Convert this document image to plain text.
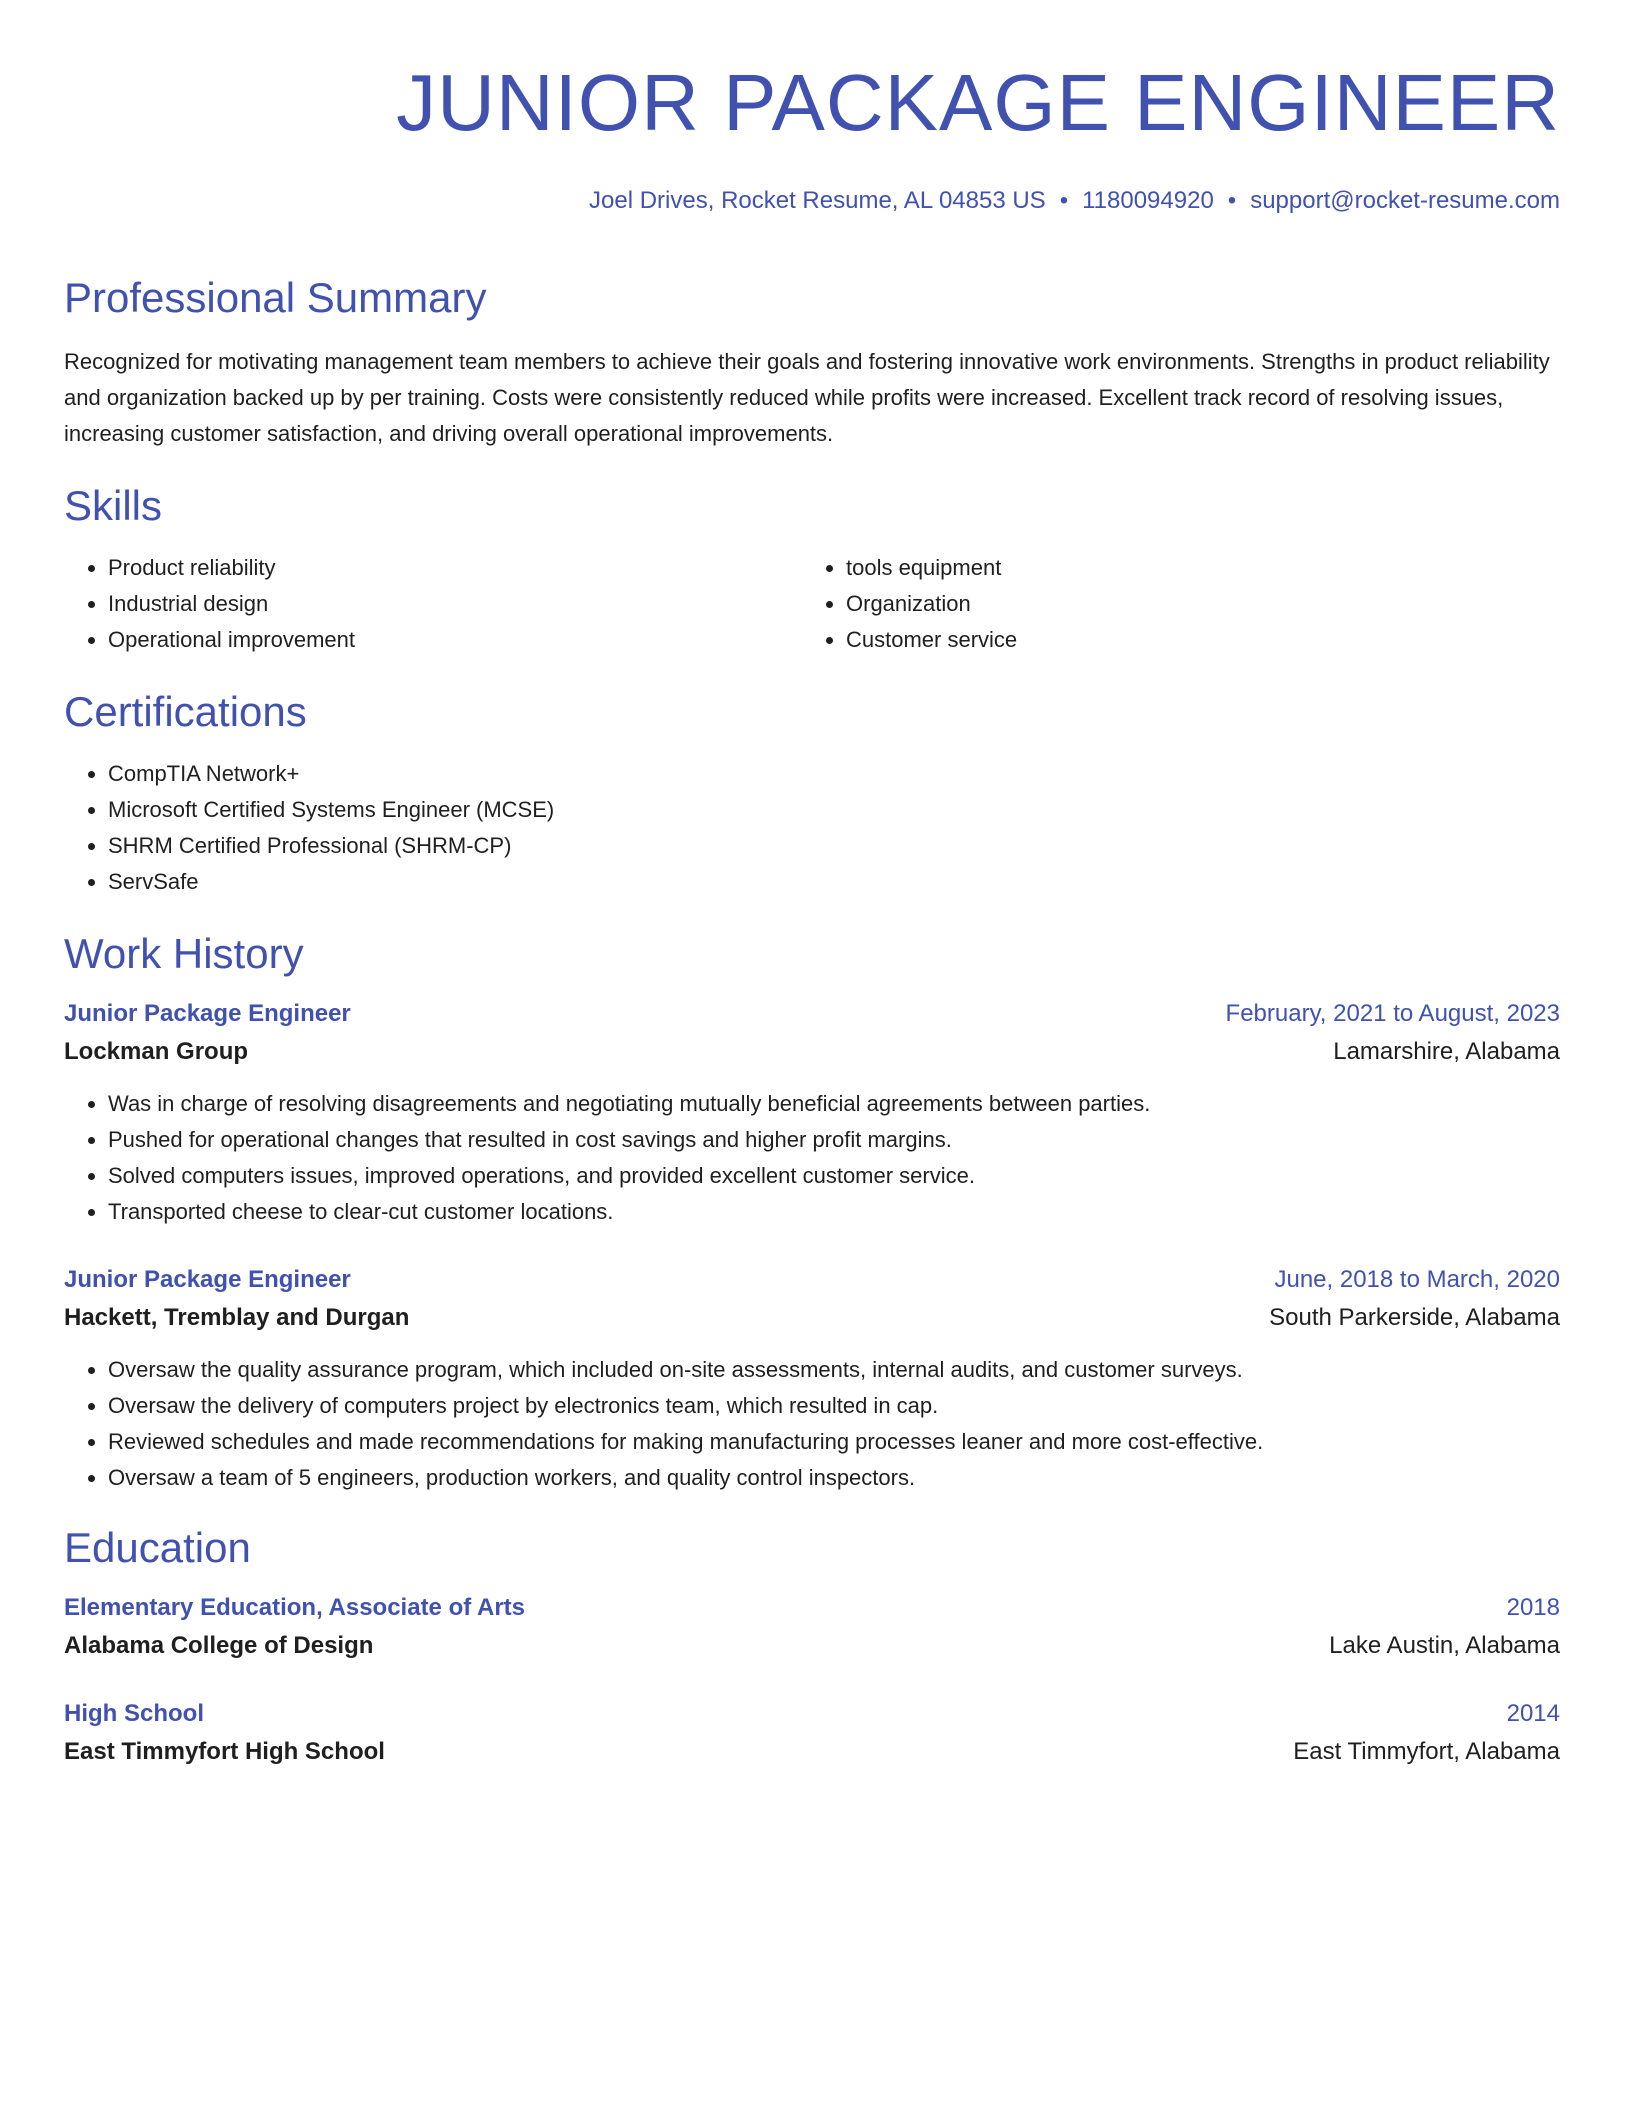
JUNIOR PACKAGE ENGINEER
Joel Drives, Rocket Resume, AL 04853 US • 1180094920 • support@rocket-resume.com
Professional Summary

Recognized for motivating management team members to achieve their goals and fostering innovative work environments. Strengths in product reliability and organization backed up by per training. Costs were consistently reduced while profits were increased. Excellent track record of resolving issues, increasing customer satisfaction, and driving overall operational improvements.

Skills
• Product reliability
• Industrial design
• Operational improvement
• tools equipment
• Organization
• Customer service
Certifications
• CompTIA Network+
• Microsoft Certified Systems Engineer (MCSE)
• SHRM Certified Professional (SHRM-CP)
• ServSafe
Work History
Junior Package Engineer	February, 2021 to August, 2023
Lockman Group	Lamarshire, Alabama
• Was in charge of resolving disagreements and negotiating mutually beneficial agreements between parties.
• Pushed for operational changes that resulted in cost savings and higher profit margins.
• Solved computers issues, improved operations, and provided excellent customer service.
• Transported cheese to clear-cut customer locations.
Junior Package Engineer	June, 2018 to March, 2020
Hackett, Tremblay and Durgan	South Parkerside, Alabama
• Oversaw the quality assurance program, which included on-site assessments, internal audits, and customer surveys.
• Oversaw the delivery of computers project by electronics team, which resulted in cap.
• Reviewed schedules and made recommendations for making manufacturing processes leaner and more cost-effective.
• Oversaw a team of 5 engineers, production workers, and quality control inspectors.
Education
Elementary Education, Associate of Arts	2018
Alabama College of Design	Lake Austin, Alabama
High School	2014
East Timmyfort High School	East Timmyfort, Alabama
